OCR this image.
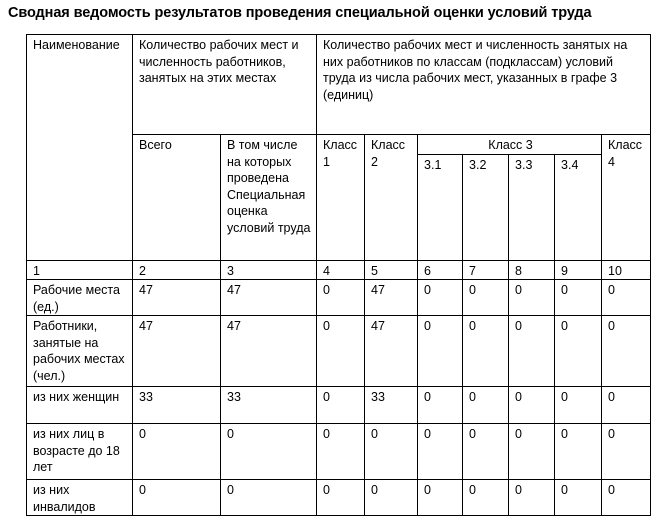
Сводная ведомость результатов проведения специальной оценки условий труда
Наименование	Количество рабочих мест и численность работников, занятых на этих местах		Количество рабочих мест и численность занятых на них работников по классам (подклассам) условий труда из числа рабочих мест, указанных в графе 3 (единиц)						
	Всего	В том числе на которых проведена Специальная оценка условий труда	Класс 1	Класс 2	Класс 3				Класс 4
					3.1	3.2	3.3	3.4	
1	2	3	4	5	6	7	8	9	10
Рабочие места (ед.)	47	47	0	47	0	0	0	0	0
Работники, занятые на рабочих местах (чел.)	47	47	0	47	0	0	0	0	0
из них женщин	33	33	0	33	0	0	0	0	0
из них лиц в возрасте до 18 лет	0	0	0	0	0	0	0	0	0
из них инвалидов	0	0	0	0	0	0	0	0	0
